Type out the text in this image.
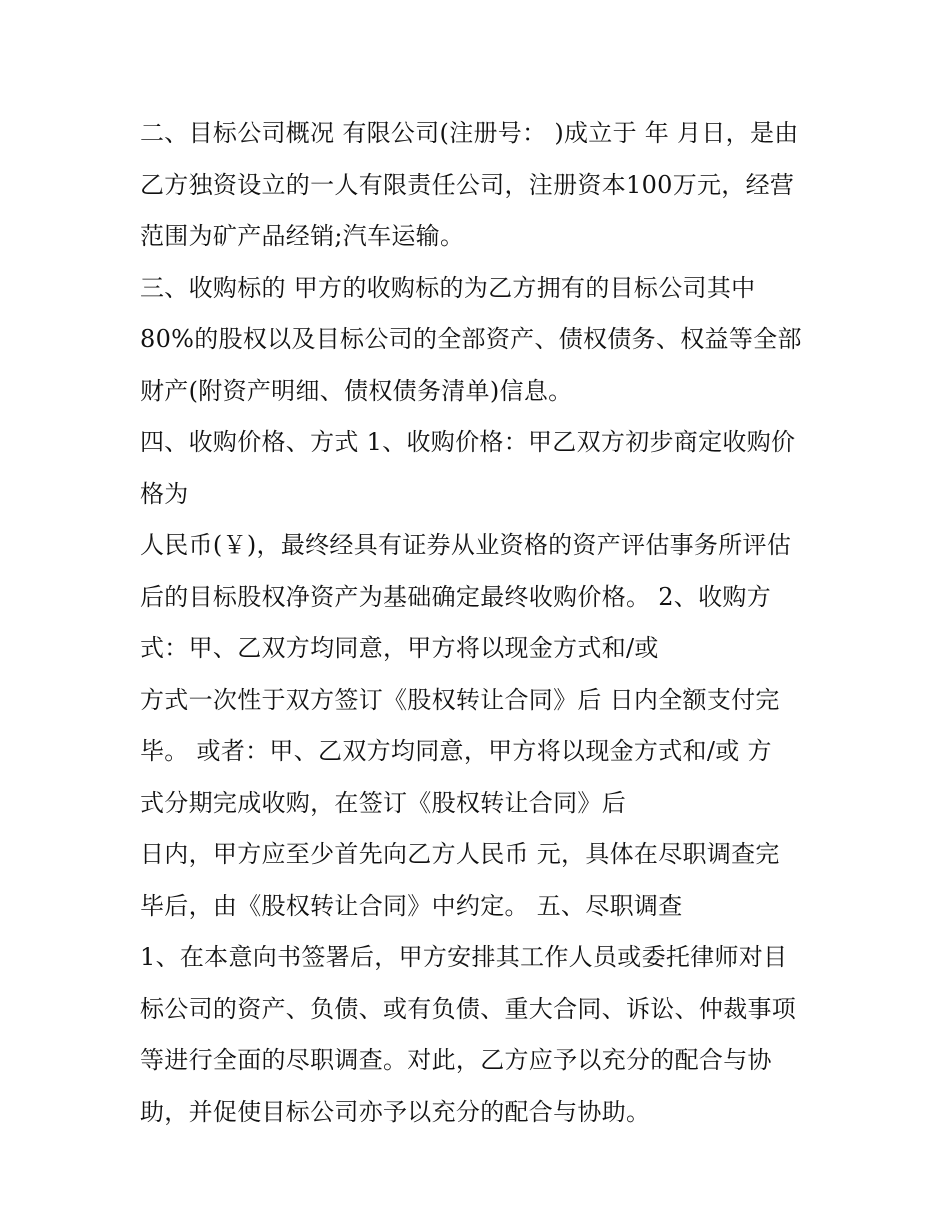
二、目标公司概况 有限公司(注册号： )成立于 年 月日，是由
乙方独资设立的一人有限责任公司，注册资本100万元，经营
范围为矿产品经销;汽车运输。
三、收购标的 甲方的收购标的为乙方拥有的目标公司其中
80%的股权以及目标公司的全部资产、债权债务、权益等全部
财产(附资产明细、债权债务清单)信息。
四、收购价格、方式 1、收购价格：甲乙双方初步商定收购价
格为
人民币(￥)，最终经具有证券从业资格的资产评估事务所评估
后的目标股权净资产为基础确定最终收购价格。 2、收购方
式：甲、乙双方均同意，甲方将以现金方式和/或
方式一次性于双方签订《股权转让合同》后 日内全额支付完
毕。 或者：甲、乙双方均同意，甲方将以现金方式和/或 方
式分期完成收购，在签订《股权转让合同》后
日内，甲方应至少首先向乙方人民币 元，具体在尽职调查完
毕后，由《股权转让合同》中约定。 五、尽职调查
1、在本意向书签署后，甲方安排其工作人员或委托律师对目
标公司的资产、负债、或有负债、重大合同、诉讼、仲裁事项
等进行全面的尽职调查。对此，乙方应予以充分的配合与协
助，并促使目标公司亦予以充分的配合与协助。
